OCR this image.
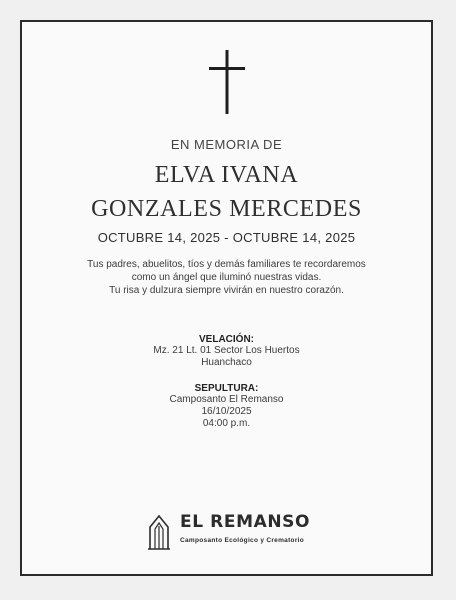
EN MEMORIA DE
ELVA IVANA
GONZALES MERCEDES
OCTUBRE 14, 2025 - OCTUBRE 14, 2025
Tus padres, abuelitos, tíos y demás familiares te recordaremos
como un ángel que iluminó nuestras vidas.
Tu risa y dulzura siempre vivirán en nuestro corazón.
VELACIÓN:
Mz. 21 Lt. 01 Sector Los Huertos
Huanchaco
SEPULTURA:
Camposanto El Remanso
16/10/2025
04:00 p.m.
EL REMANSO
Camposanto Ecológico y Crematorio
